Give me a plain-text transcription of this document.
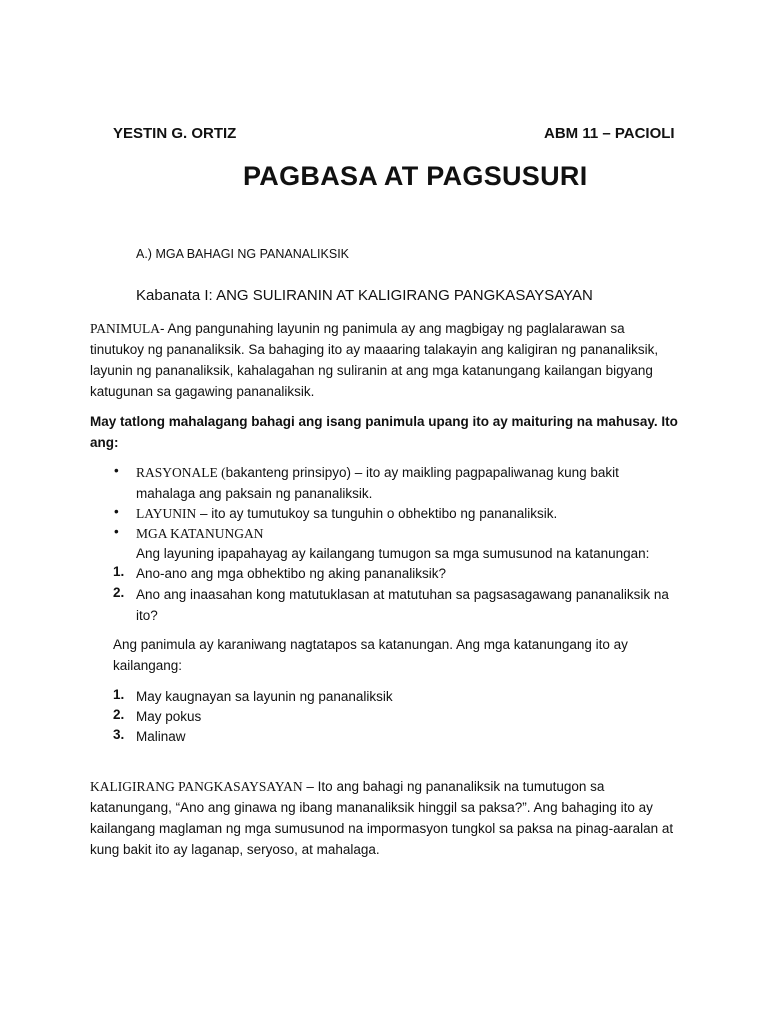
YESTIN G. ORTIZ	ABM 11 – PACIOLI
PAGBASA AT PAGSUSURI
A.) MGA BAHAGI NG PANANALIKSIK
Kabanata I: ANG SULIRANIN AT KALIGIRANG PANGKASAYSAYAN
PANIMULA- Ang pangunahing layunin ng panimula ay ang magbigay ng paglalarawan sa tinutukoy ng pananaliksik. Sa bahaging ito ay maaaring talakayin ang kaligiran ng pananaliksik, layunin ng pananaliksik, kahalagahan ng suliranin at ang mga katanungang kailangan bigyang katugunan sa gagawing pananaliksik.
May tatlong mahalagang bahagi ang isang panimula upang ito ay maituring na mahusay. Ito ang:
• RASYONALE (bakanteng prinsipyo) – ito ay maikling pagpapaliwanag kung bakit mahalaga ang paksain ng pananaliksik.
• LAYUNIN – ito ay tumutukoy sa tunguhin o obhektibo ng pananaliksik.
• MGA KATANUNGAN
Ang layuning ipapahayag ay kailangang tumugon sa mga sumusunod na katanungan:
1. Ano-ano ang mga obhektibo ng aking pananaliksik?
2. Ano ang inaasahan kong matutuklasan at matutuhan sa pagsasagawang pananaliksik na ito?
Ang panimula ay karaniwang nagtatapos sa katanungan. Ang mga katanungang ito ay kailangang:
1. May kaugnayan sa layunin ng pananaliksik
2. May pokus
3. Malinaw
KALIGIRANG PANGKASAYSAYAN – Ito ang bahagi ng pananaliksik na tumutugon sa katanungang, “Ano ang ginawa ng ibang mananaliksik hinggil sa paksa?”. Ang bahaging ito ay kailangang maglaman ng mga sumusunod na impormasyon tungkol sa paksa na pinag-aaralan at kung bakit ito ay laganap, seryoso, at mahalaga.
